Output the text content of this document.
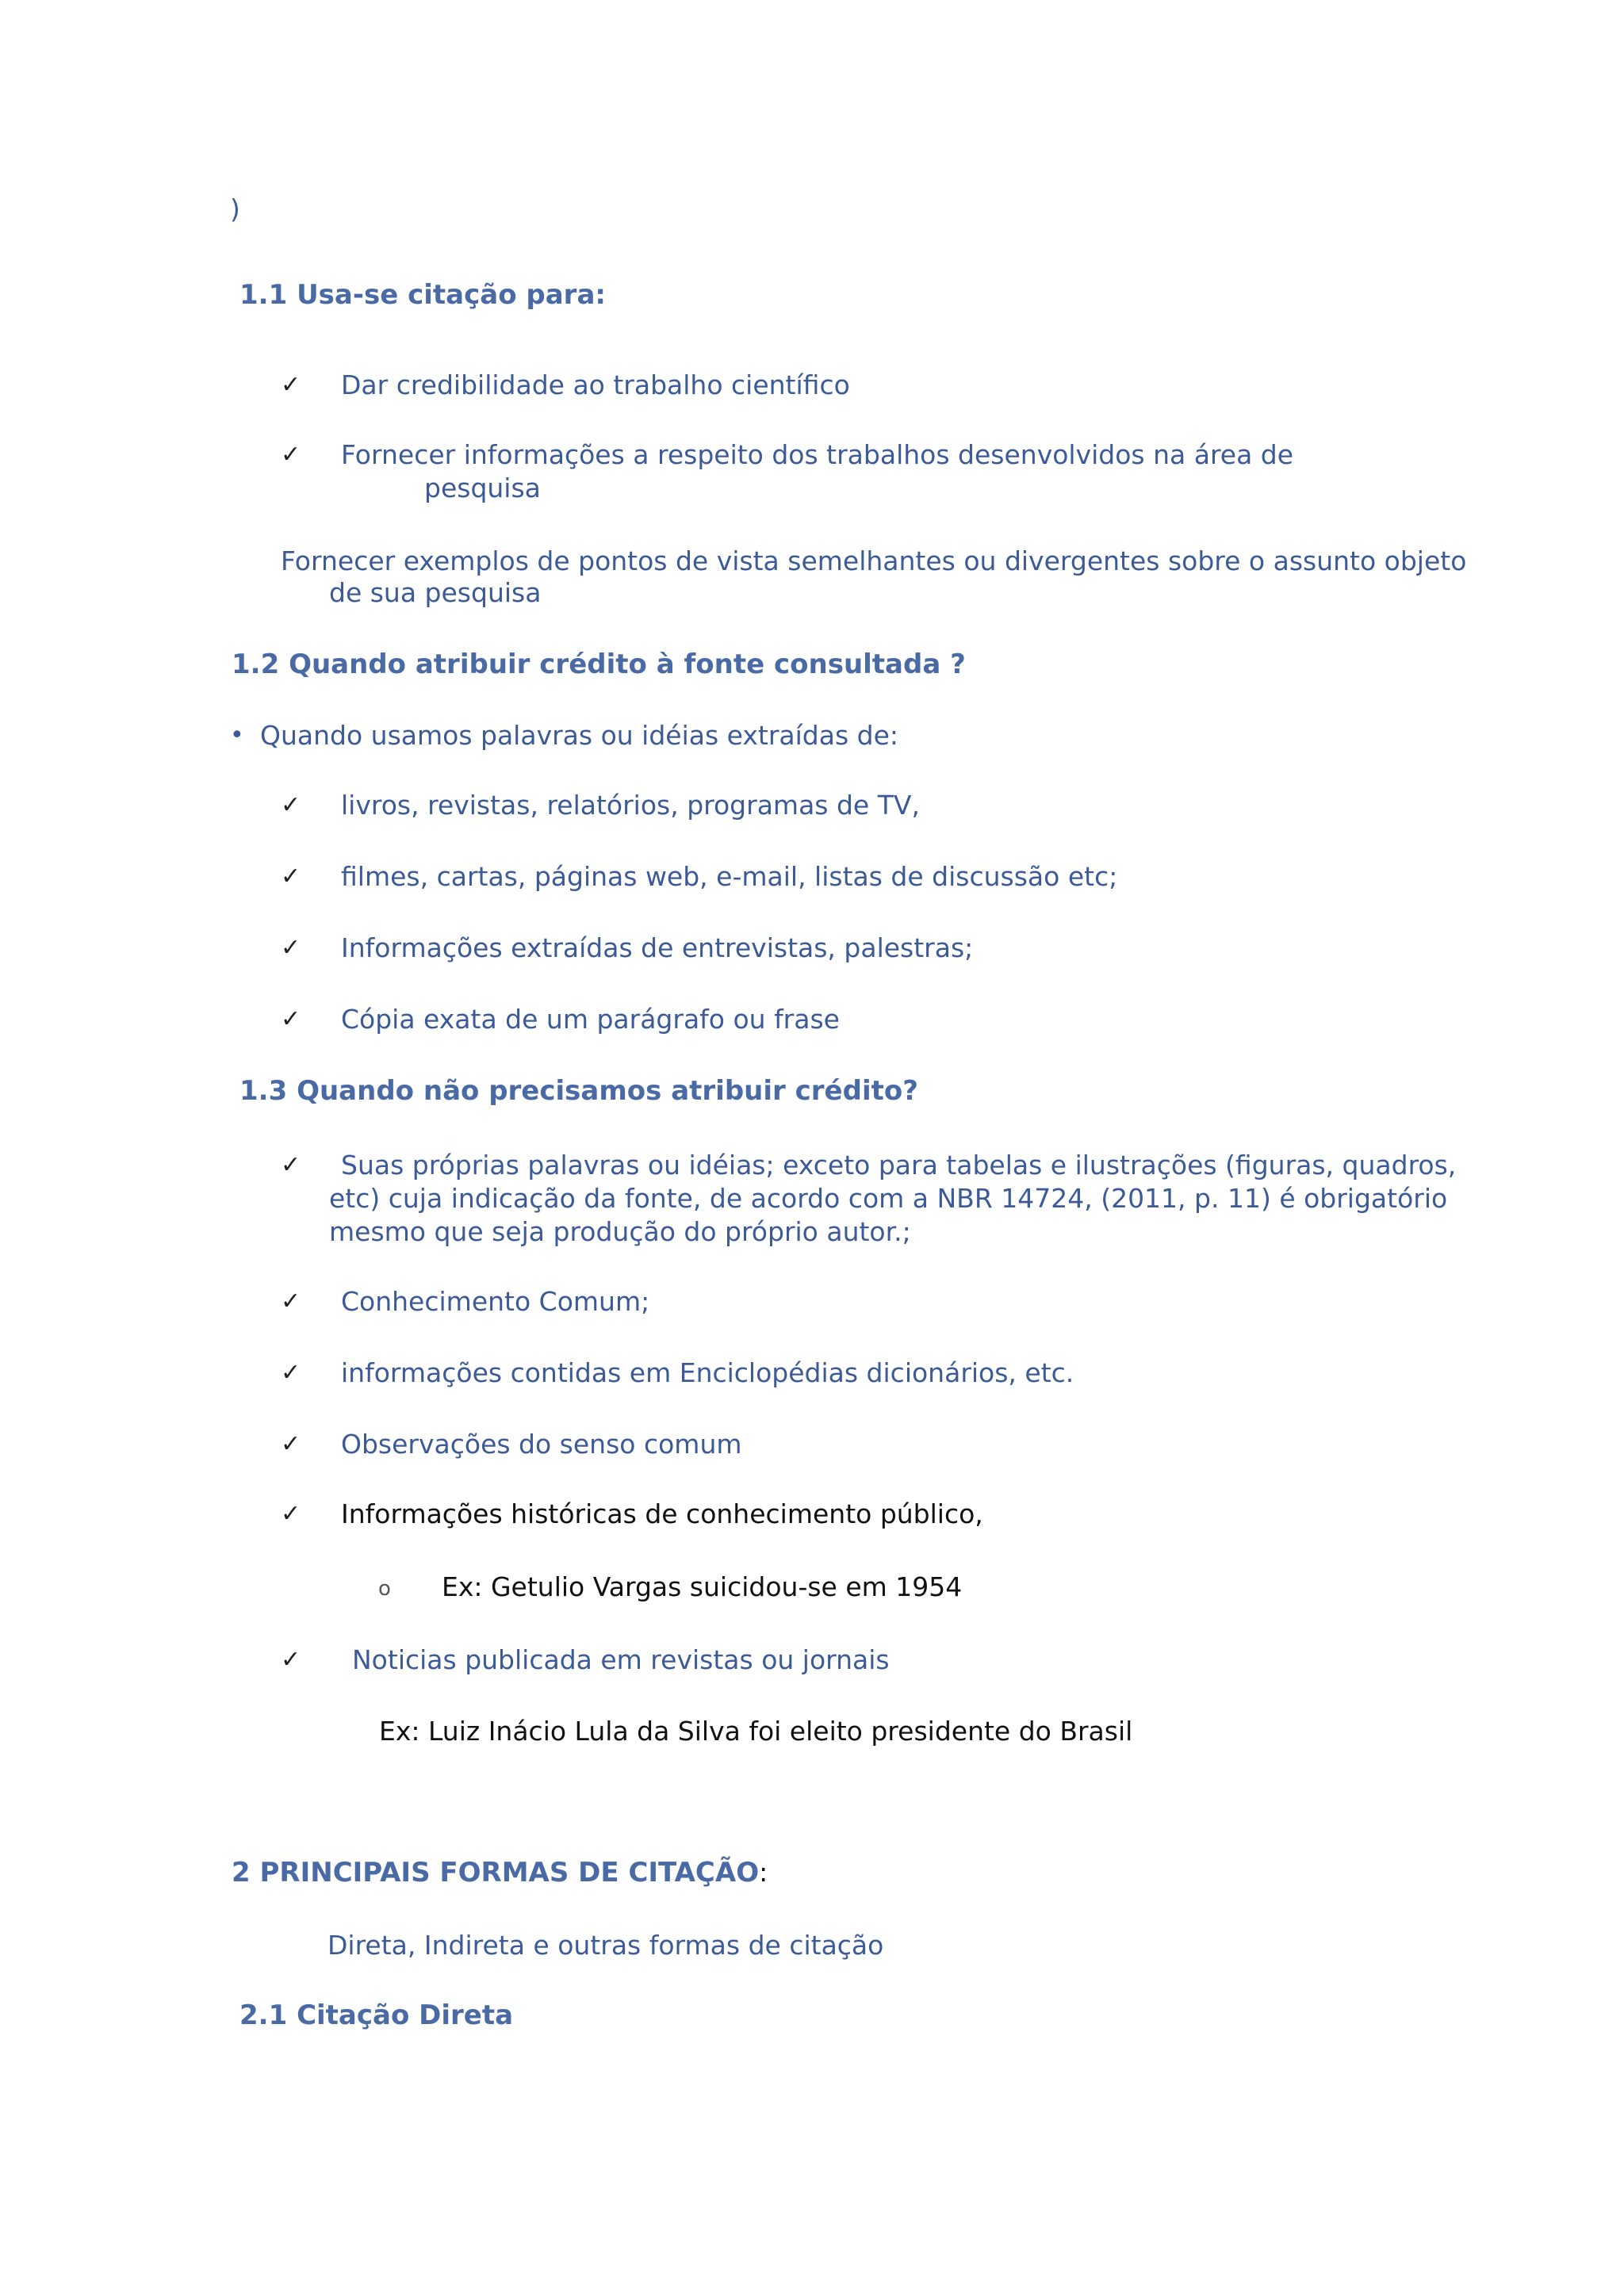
)
1.1 Usa-se citação para:
✓ Dar credibilidade ao trabalho científico
✓ Fornecer informações a respeito dos trabalhos desenvolvidos na área de
pesquisa
Fornecer exemplos de pontos de vista semelhantes ou divergentes sobre o assunto objeto
de sua pesquisa
1.2 Quando atribuir crédito à fonte consultada ?
• Quando usamos palavras ou idéias extraídas de:
✓ livros, revistas, relatórios, programas de TV,
✓ filmes, cartas, páginas web, e-mail, listas de discussão etc;
✓ Informações extraídas de entrevistas, palestras;
✓ Cópia exata de um parágrafo ou frase
1.3 Quando não precisamos atribuir crédito?
✓ Suas próprias palavras ou idéias; exceto para tabelas e ilustrações (figuras, quadros,
etc) cuja indicação da fonte, de acordo com a NBR 14724, (2011, p. 11) é obrigatório
mesmo que seja produção do próprio autor.;
✓ Conhecimento Comum;
✓ informações contidas em Enciclopédias dicionários, etc.
✓ Observações do senso comum
✓ Informações históricas de conhecimento público,
o Ex: Getulio Vargas suicidou-se em 1954
✓ Noticias publicada em revistas ou jornais
Ex: Luiz Inácio Lula da Silva foi eleito presidente do Brasil
2 PRINCIPAIS FORMAS DE CITAÇÃO:
Direta, Indireta e outras formas de citação
2.1 Citação Direta
